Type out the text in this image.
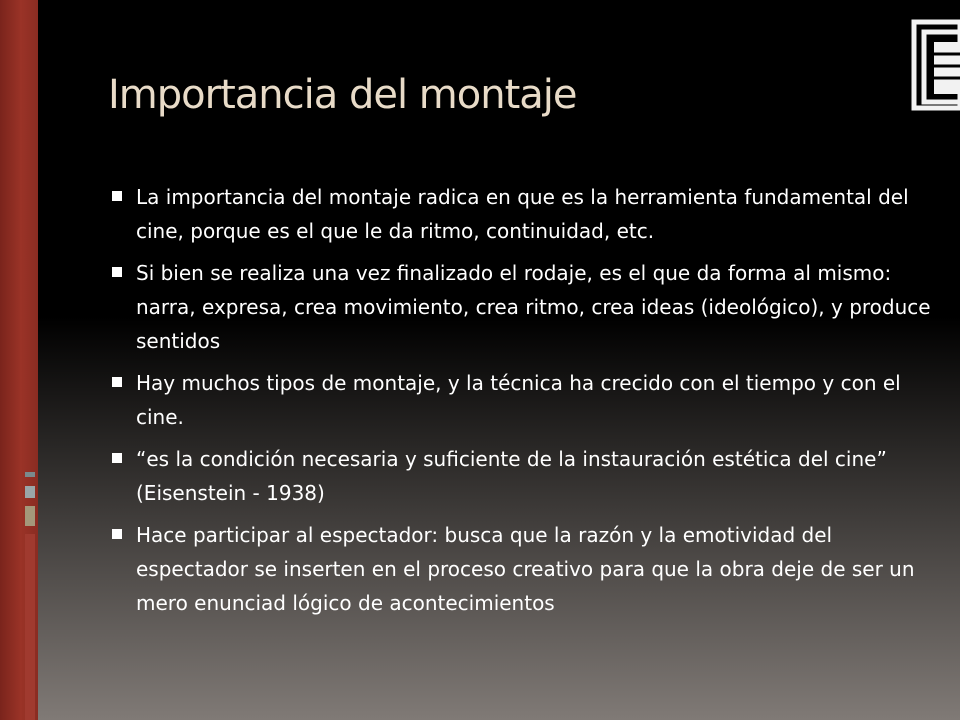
Importancia del montaje
La importancia del montaje radica en que es la herramienta fundamental del cine, porque es el que le da ritmo, continuidad, etc.
Si bien se realiza una vez finalizado el rodaje, es el que da forma al mismo: narra, expresa, crea movimiento, crea ritmo, crea ideas (ideológico), y produce sentidos
Hay muchos tipos de montaje, y la técnica ha crecido con el tiempo y con el cine.
“es la condición necesaria y suficiente de la instauración estética del cine” (Eisenstein - 1938)
Hace participar al espectador: busca que la razón y la emotividad del espectador se inserten en el proceso creativo para que la obra deje de ser un mero enunciad lógico de acontecimientos
